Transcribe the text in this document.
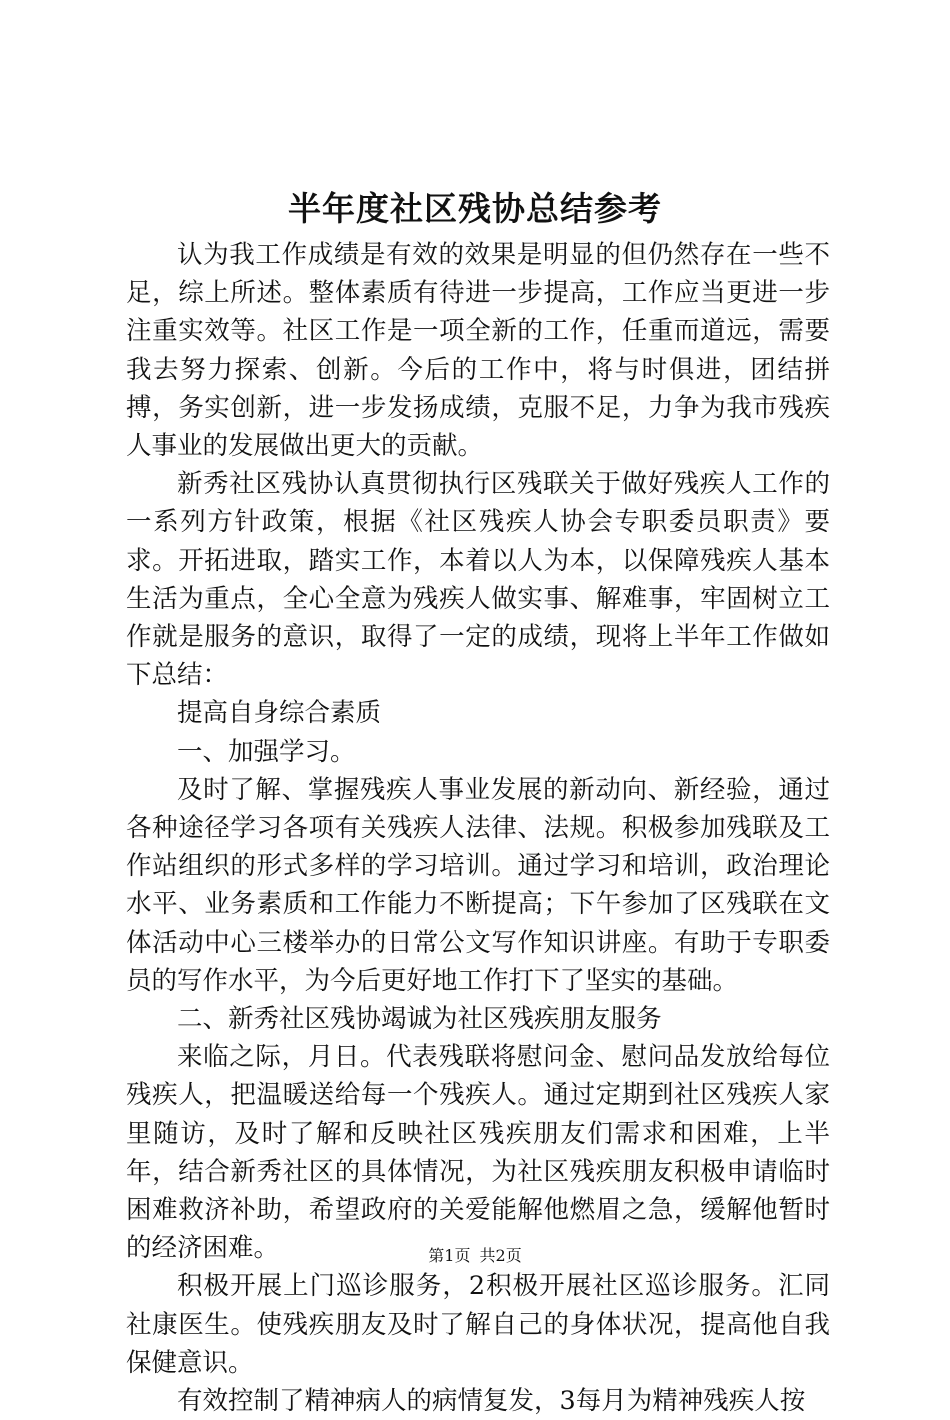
半年度社区残协总结参考

认为我工作成绩是有效的效果是明显的但仍然存在一些不足，综上所述。整体素质有待进一步提高，工作应当更进一步注重实效等。社区工作是一项全新的工作，任重而道远，需要我去努力探索、创新。今后的工作中，将与时俱进，团结拼搏，务实创新，进一步发扬成绩，克服不足，力争为我市残疾人事业的发展做出更大的贡献。

新秀社区残协认真贯彻执行区残联关于做好残疾人工作的一系列方针政策，根据《社区残疾人协会专职委员职责》要求。开拓进取，踏实工作，本着以人为本，以保障残疾人基本生活为重点，全心全意为残疾人做实事、解难事，牢固树立工作就是服务的意识，取得了一定的成绩，现将上半年工作做如下总结：

提高自身综合素质

一、加强学习。

及时了解、掌握残疾人事业发展的新动向、新经验，通过各种途径学习各项有关残疾人法律、法规。积极参加残联及工作站组织的形式多样的学习培训。通过学习和培训，政治理论水平、业务素质和工作能力不断提高；下午参加了区残联在文体活动中心三楼举办的日常公文写作知识讲座。有助于专职委员的写作水平，为今后更好地工作打下了坚实的基础。

二、新秀社区残协竭诚为社区残疾朋友服务

来临之际，月日。代表残联将慰问金、慰问品发放给每位残疾人，把温暖送给每一个残疾人。通过定期到社区残疾人家里随访，及时了解和反映社区残疾朋友们需求和困难，上半年，结合新秀社区的具体情况，为社区残疾朋友积极申请临时困难救济补助，希望政府的关爱能解他燃眉之急，缓解他暂时的经济困难。

积极开展上门巡诊服务，2积极开展社区巡诊服务。汇同社康医生。使残疾朋友及时了解自己的身体状况，提高他自我保健意识。

有效控制了精神病人的病情复发，3每月为精神残疾人按

第1页 共2页
